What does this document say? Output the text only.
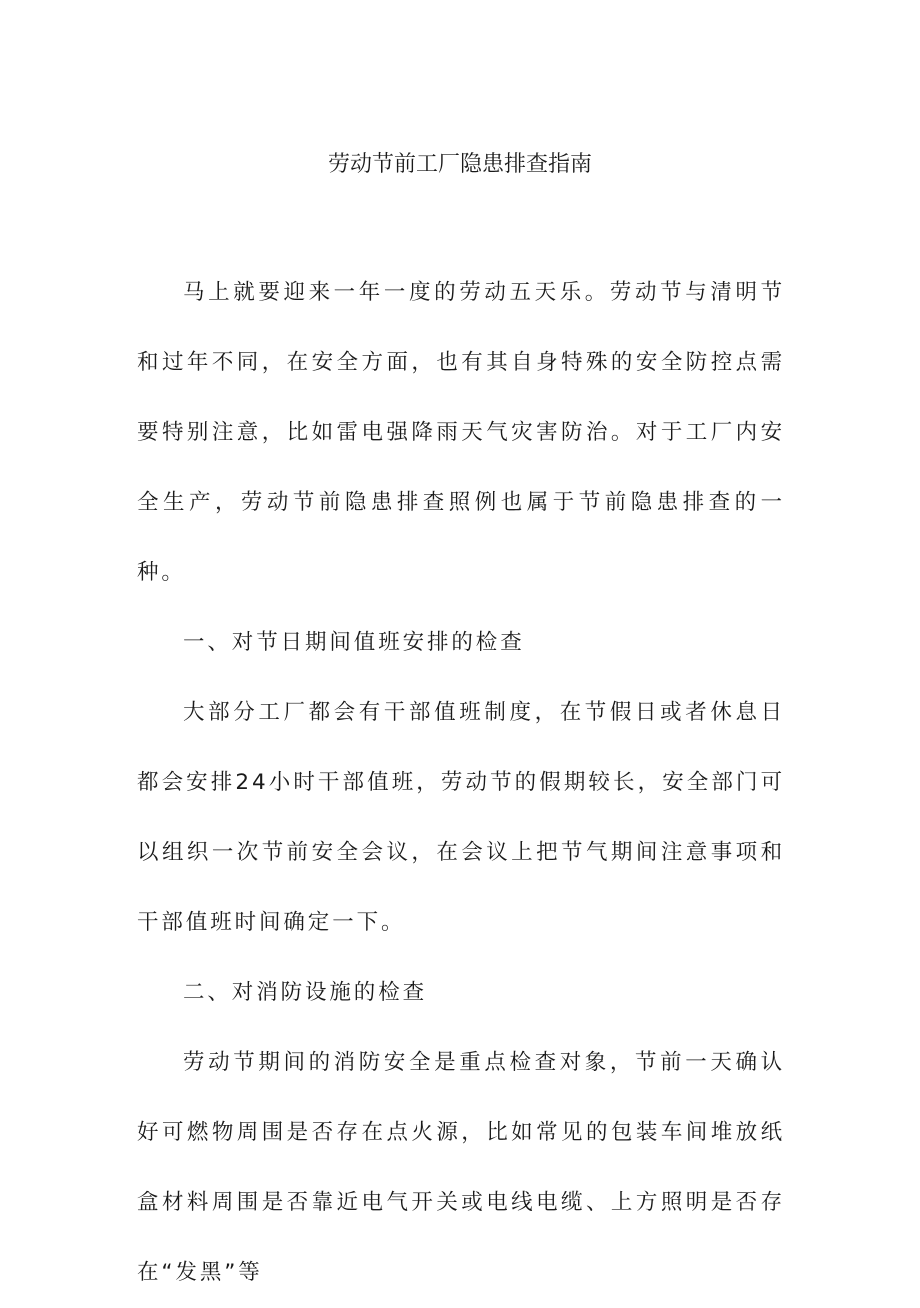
劳动节前工厂隐患排查指南

马上就要迎来一年一度的劳动五天乐。劳动节与清明节和过年不同，在安全方面，也有其自身特殊的安全防控点需要特别注意，比如雷电强降雨天气灾害防治。对于工厂内安全生产，劳动节前隐患排查照例也属于节前隐患排查的一种。

一、对节日期间值班安排的检查

大部分工厂都会有干部值班制度，在节假日或者休息日都会安排24小时干部值班，劳动节的假期较长，安全部门可以组织一次节前安全会议，在会议上把节气期间注意事项和干部值班时间确定一下。

二、对消防设施的检查

劳动节期间的消防安全是重点检查对象，节前一天确认好可燃物周围是否存在点火源，比如常见的包装车间堆放纸盒材料周围是否靠近电气开关或电线电缆、上方照明是否存在“发黑”等
